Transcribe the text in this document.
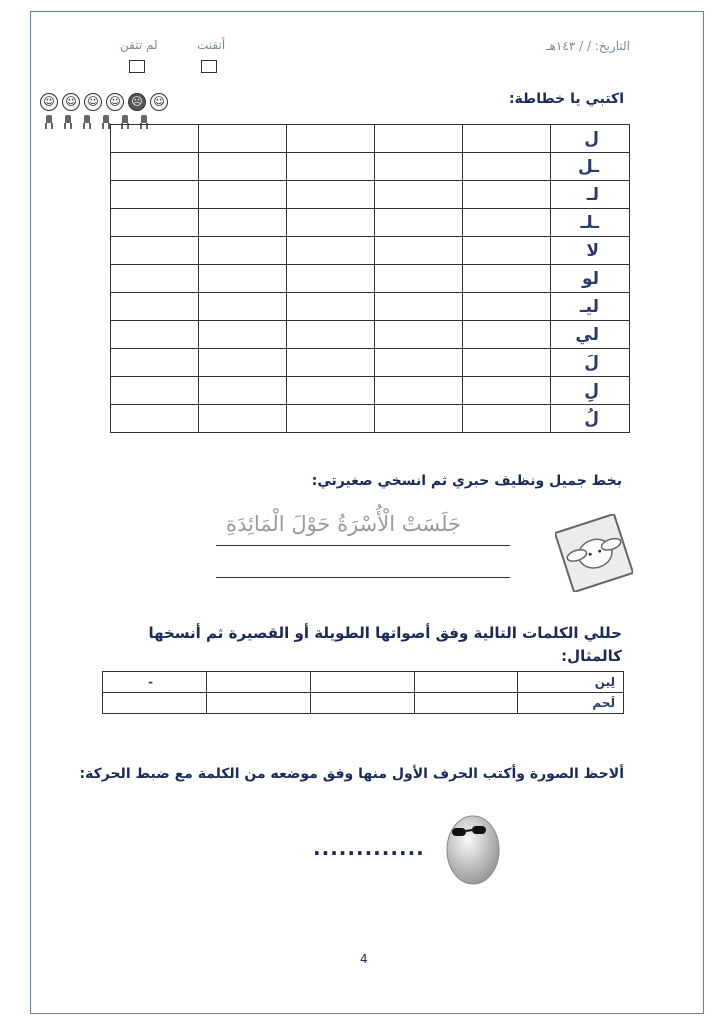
التاريخ: / / ١٤٣هـ
أتقنت
لم تتقن
اكتبي يا خطاطة:
☺ ☺ ☺ ☺ ☹ ☺
					ل
					ـل
					لـ
					ـلـ
					لا
					لو
					ليـ
					لي
					لَ
					لِ
					لُ
بخط جميل ونظيف حبري ثم انسخي صغيرتي:
جَلَسَتْ الْأُسْرَةُ حَوْلَ الْمَائِدَةِ
حللي الكلمات التالية وفق أصواتها الطويلة أو القصيرة ثم أنسخها
كالمثال:
-				لِين
				لَحم
ألاحظ الصورة وأكتب الحرف الأول منها وفق موضعه من الكلمة مع ضبط الحركة:
.............
4
